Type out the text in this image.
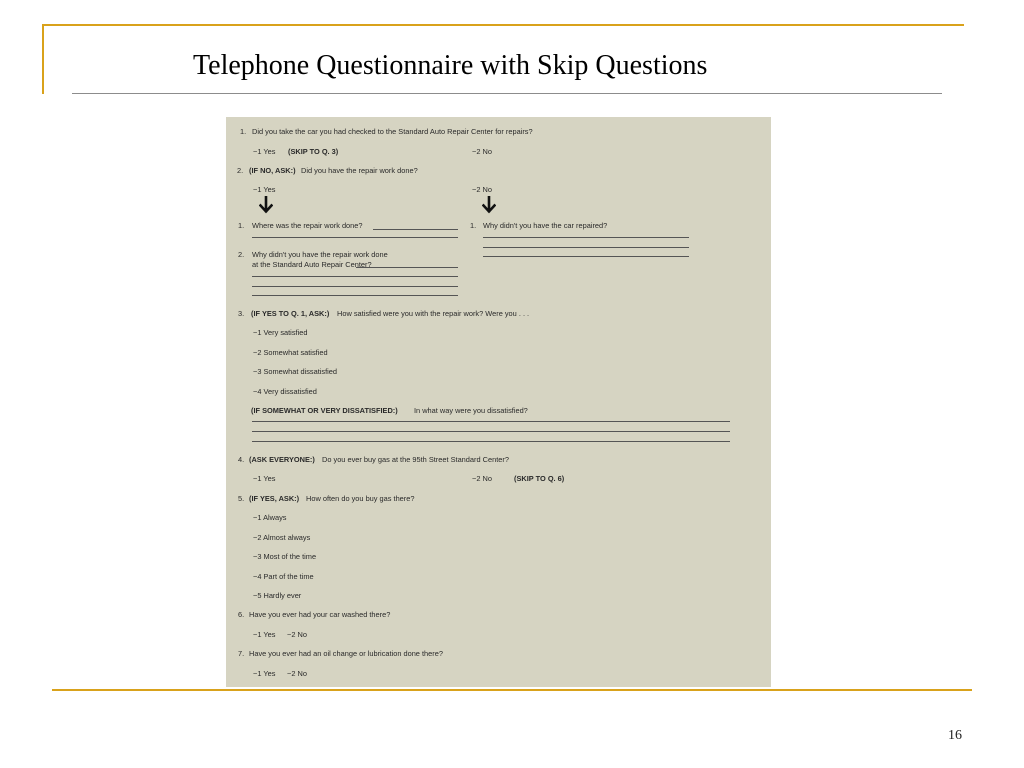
Telephone Questionnaire with Skip Questions
1. Did you take the car you had checked to the Standard Auto Repair Center for repairs?
−1 Yes (SKIP TO Q. 3)	−2 No
2. (IF NO, ASK:) Did you have the repair work done?
−1 Yes	−2 No
1. Where was the repair work done?
2. Why didn't you have the repair work done
at the Standard Auto Repair Center?
1. Why didn't you have the car repaired?
3. (IF YES TO Q. 1, ASK:) How satisfied were you with the repair work? Were you . . .
−1 Very satisfied
−2 Somewhat satisfied
−3 Somewhat dissatisfied
−4 Very dissatisfied
(IF SOMEWHAT OR VERY DISSATISFIED:) In what way were you dissatisfied?
4. (ASK EVERYONE:) Do you ever buy gas at the 95th Street Standard Center?
−1 Yes	−2 No	(SKIP TO Q. 6)
5. (IF YES, ASK:) How often do you buy gas there?
−1 Always
−2 Almost always
−3 Most of the time
−4 Part of the time
−5 Hardly ever
6. Have you ever had your car washed there?
−1 Yes −2 No
7. Have you ever had an oil change or lubrication done there?
−1 Yes −2 No
16
